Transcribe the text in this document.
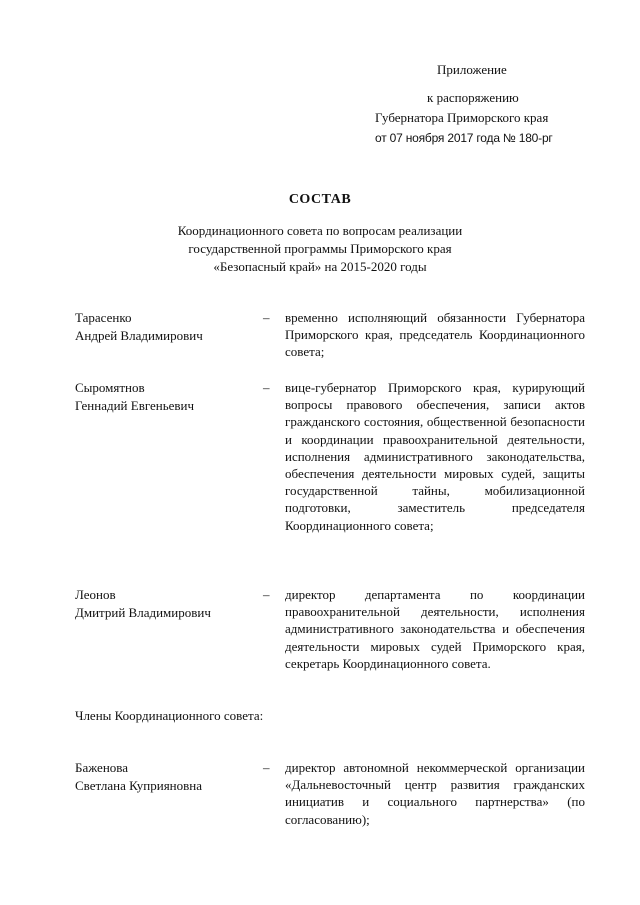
Приложение
к распоряжению
Губернатора Приморского края
от 07 ноября 2017 года № 180-рг
СОСТАВ
Координационного совета по вопросам реализации
государственной программы Приморского края
«Безопасный край» на 2015-2020 годы
Тарасенко
Андрей Владимирович
– временно исполняющий обязанности Губернатора Приморского края, председатель Координационного совета;
Сыромятнов
Геннадий Евгеньевич
– вице-губернатор Приморского края, курирующий вопросы правового обеспечения, записи актов гражданского состояния, общественной безопасности и координации правоохранительной деятельности, исполнения административного законодательства, обеспечения деятельности мировых судей, защиты государственной тайны, мобилизационной подготовки, заместитель председателя Координационного совета;
Леонов
Дмитрий Владимирович
– директор департамента по координации правоохранительной деятельности, исполнения административного законодательства и обеспечения деятельности мировых судей Приморского края, секретарь Координационного совета.
Члены Координационного совета:
Баженова
Светлана Куприяновна
– директор автономной некоммерческой организации «Дальневосточный центр развития гражданских инициатив и социального партнерства» (по согласованию);
